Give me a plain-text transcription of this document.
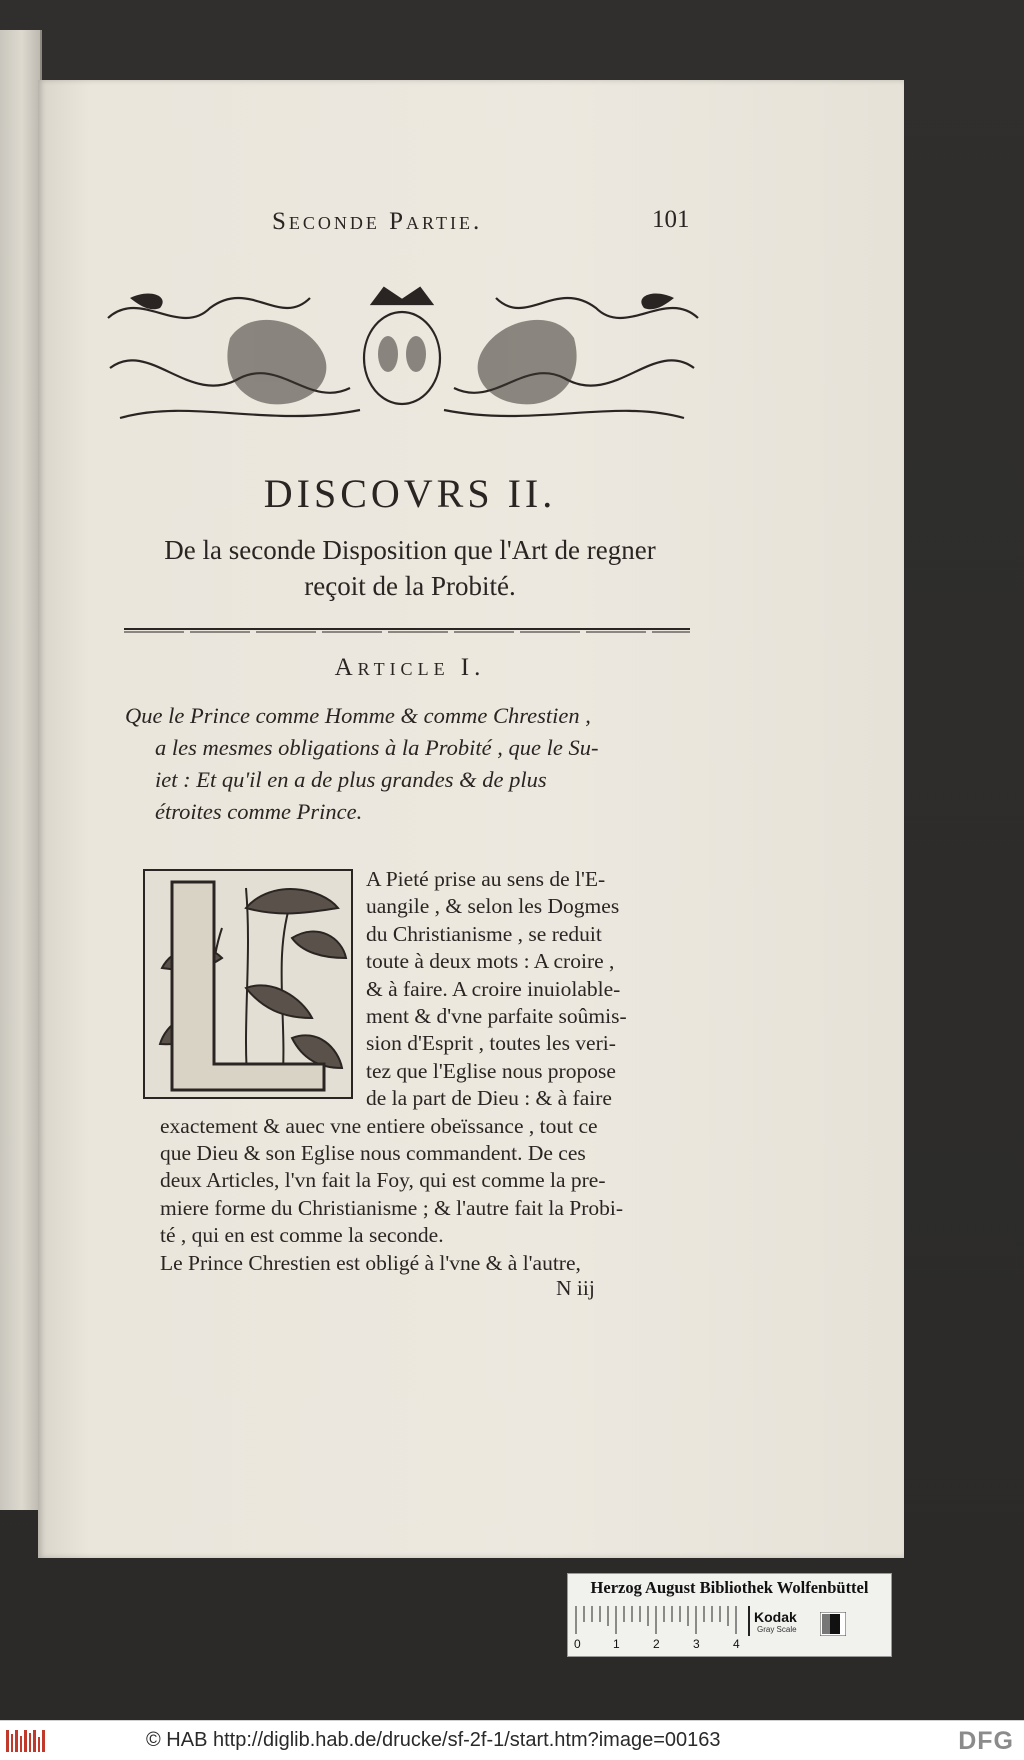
Seconde Partie.	101
DISCOVRS II.
De la seconde Disposition que l'Art de regner
reçoit de la Probité.
Article I.
Que le Prince comme Homme & comme Chrestien ,
a les mesmes obligations à la Probité , que le Su-
iet : Et qu'il en a de plus grandes & de plus
étroites comme Prince.
A Pieté prise au sens de l'E-
uangile , & selon les Dogmes
du Christianisme , se reduit
toute à deux mots : A croire ,
& à faire. A croire inuiolable-
ment & d'vne parfaite soûmis-
sion d'Esprit , toutes les veri-
tez que l'Eglise nous propose
de la part de Dieu : & à faire
exactement & auec vne entiere obeïssance , tout ce
que Dieu & son Eglise nous commandent. De ces
deux Articles, l'vn fait la Foy, qui est comme la pre-
miere forme du Christianisme ; & l'autre fait la Probi-
té , qui en est comme la seconde.
Le Prince Chrestien est obligé à l'vne & à l'autre,
N iij
Herzog August Bibliothek Wolfenbüttel
0	1	2	3	4
Kodak
Gray Scale
© HAB http://diglib.hab.de/drucke/sf-2f-1/start.htm?image=00163	DFG
